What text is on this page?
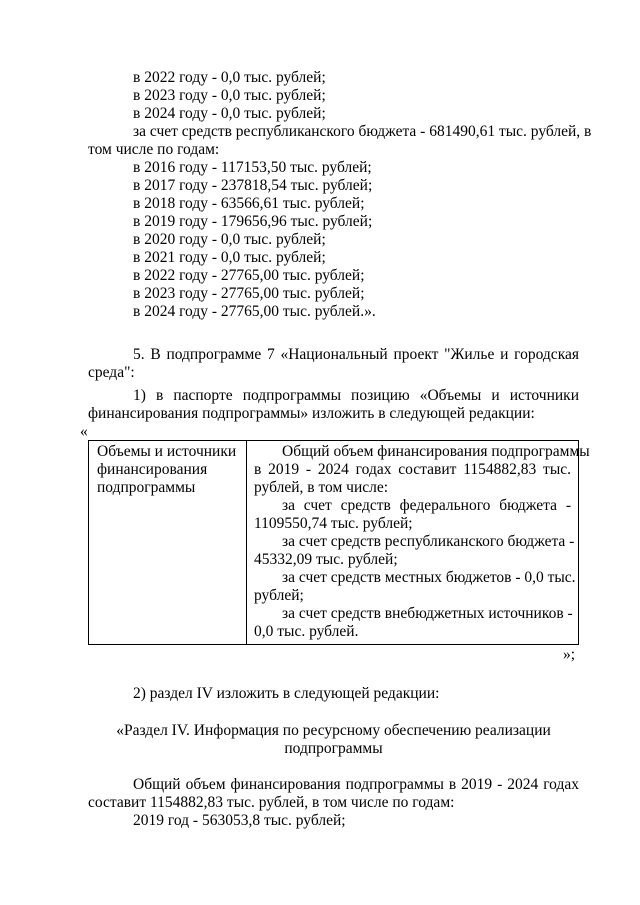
в 2022 году - 0,0 тыс. рублей;
в 2023 году - 0,0 тыс. рублей;
в 2024 году - 0,0 тыс. рублей;
за счет средств республиканского бюджета - 681490,61 тыс. рублей, в
том числе по годам:
в 2016 году - 117153,50 тыс. рублей;
в 2017 году - 237818,54 тыс. рублей;
в 2018 году - 63566,61 тыс. рублей;
в 2019 году - 179656,96 тыс. рублей;
в 2020 году - 0,0 тыс. рублей;
в 2021 году - 0,0 тыс. рублей;
в 2022 году - 27765,00 тыс. рублей;
в 2023 году - 27765,00 тыс. рублей;
в 2024 году - 27765,00 тыс. рублей.».
5. В подпрограмме 7 «Национальный проект "Жилье и городская
среда":
1) в паспорте подпрограммы позицию «Объемы и источники
финансирования подпрограммы» изложить в следующей редакции:
«
Объемы и источники
финансирования
подпрограммы
Общий объем финансирования подпрограммы
в 2019 - 2024 годах составит 1154882,83 тыс.
рублей, в том числе:
за счет средств федерального бюджета -
1109550,74 тыс. рублей;
за счет средств республиканского бюджета -
45332,09 тыс. рублей;
за счет средств местных бюджетов - 0,0 тыс.
рублей;
за счет средств внебюджетных источников -
0,0 тыс. рублей.
»;
2) раздел IV изложить в следующей редакции:
«Раздел IV. Информация по ресурсному обеспечению реализации
подпрограммы
Общий объем финансирования подпрограммы в 2019 - 2024 годах
составит 1154882,83 тыс. рублей, в том числе по годам:
2019 год - 563053,8 тыс. рублей;
